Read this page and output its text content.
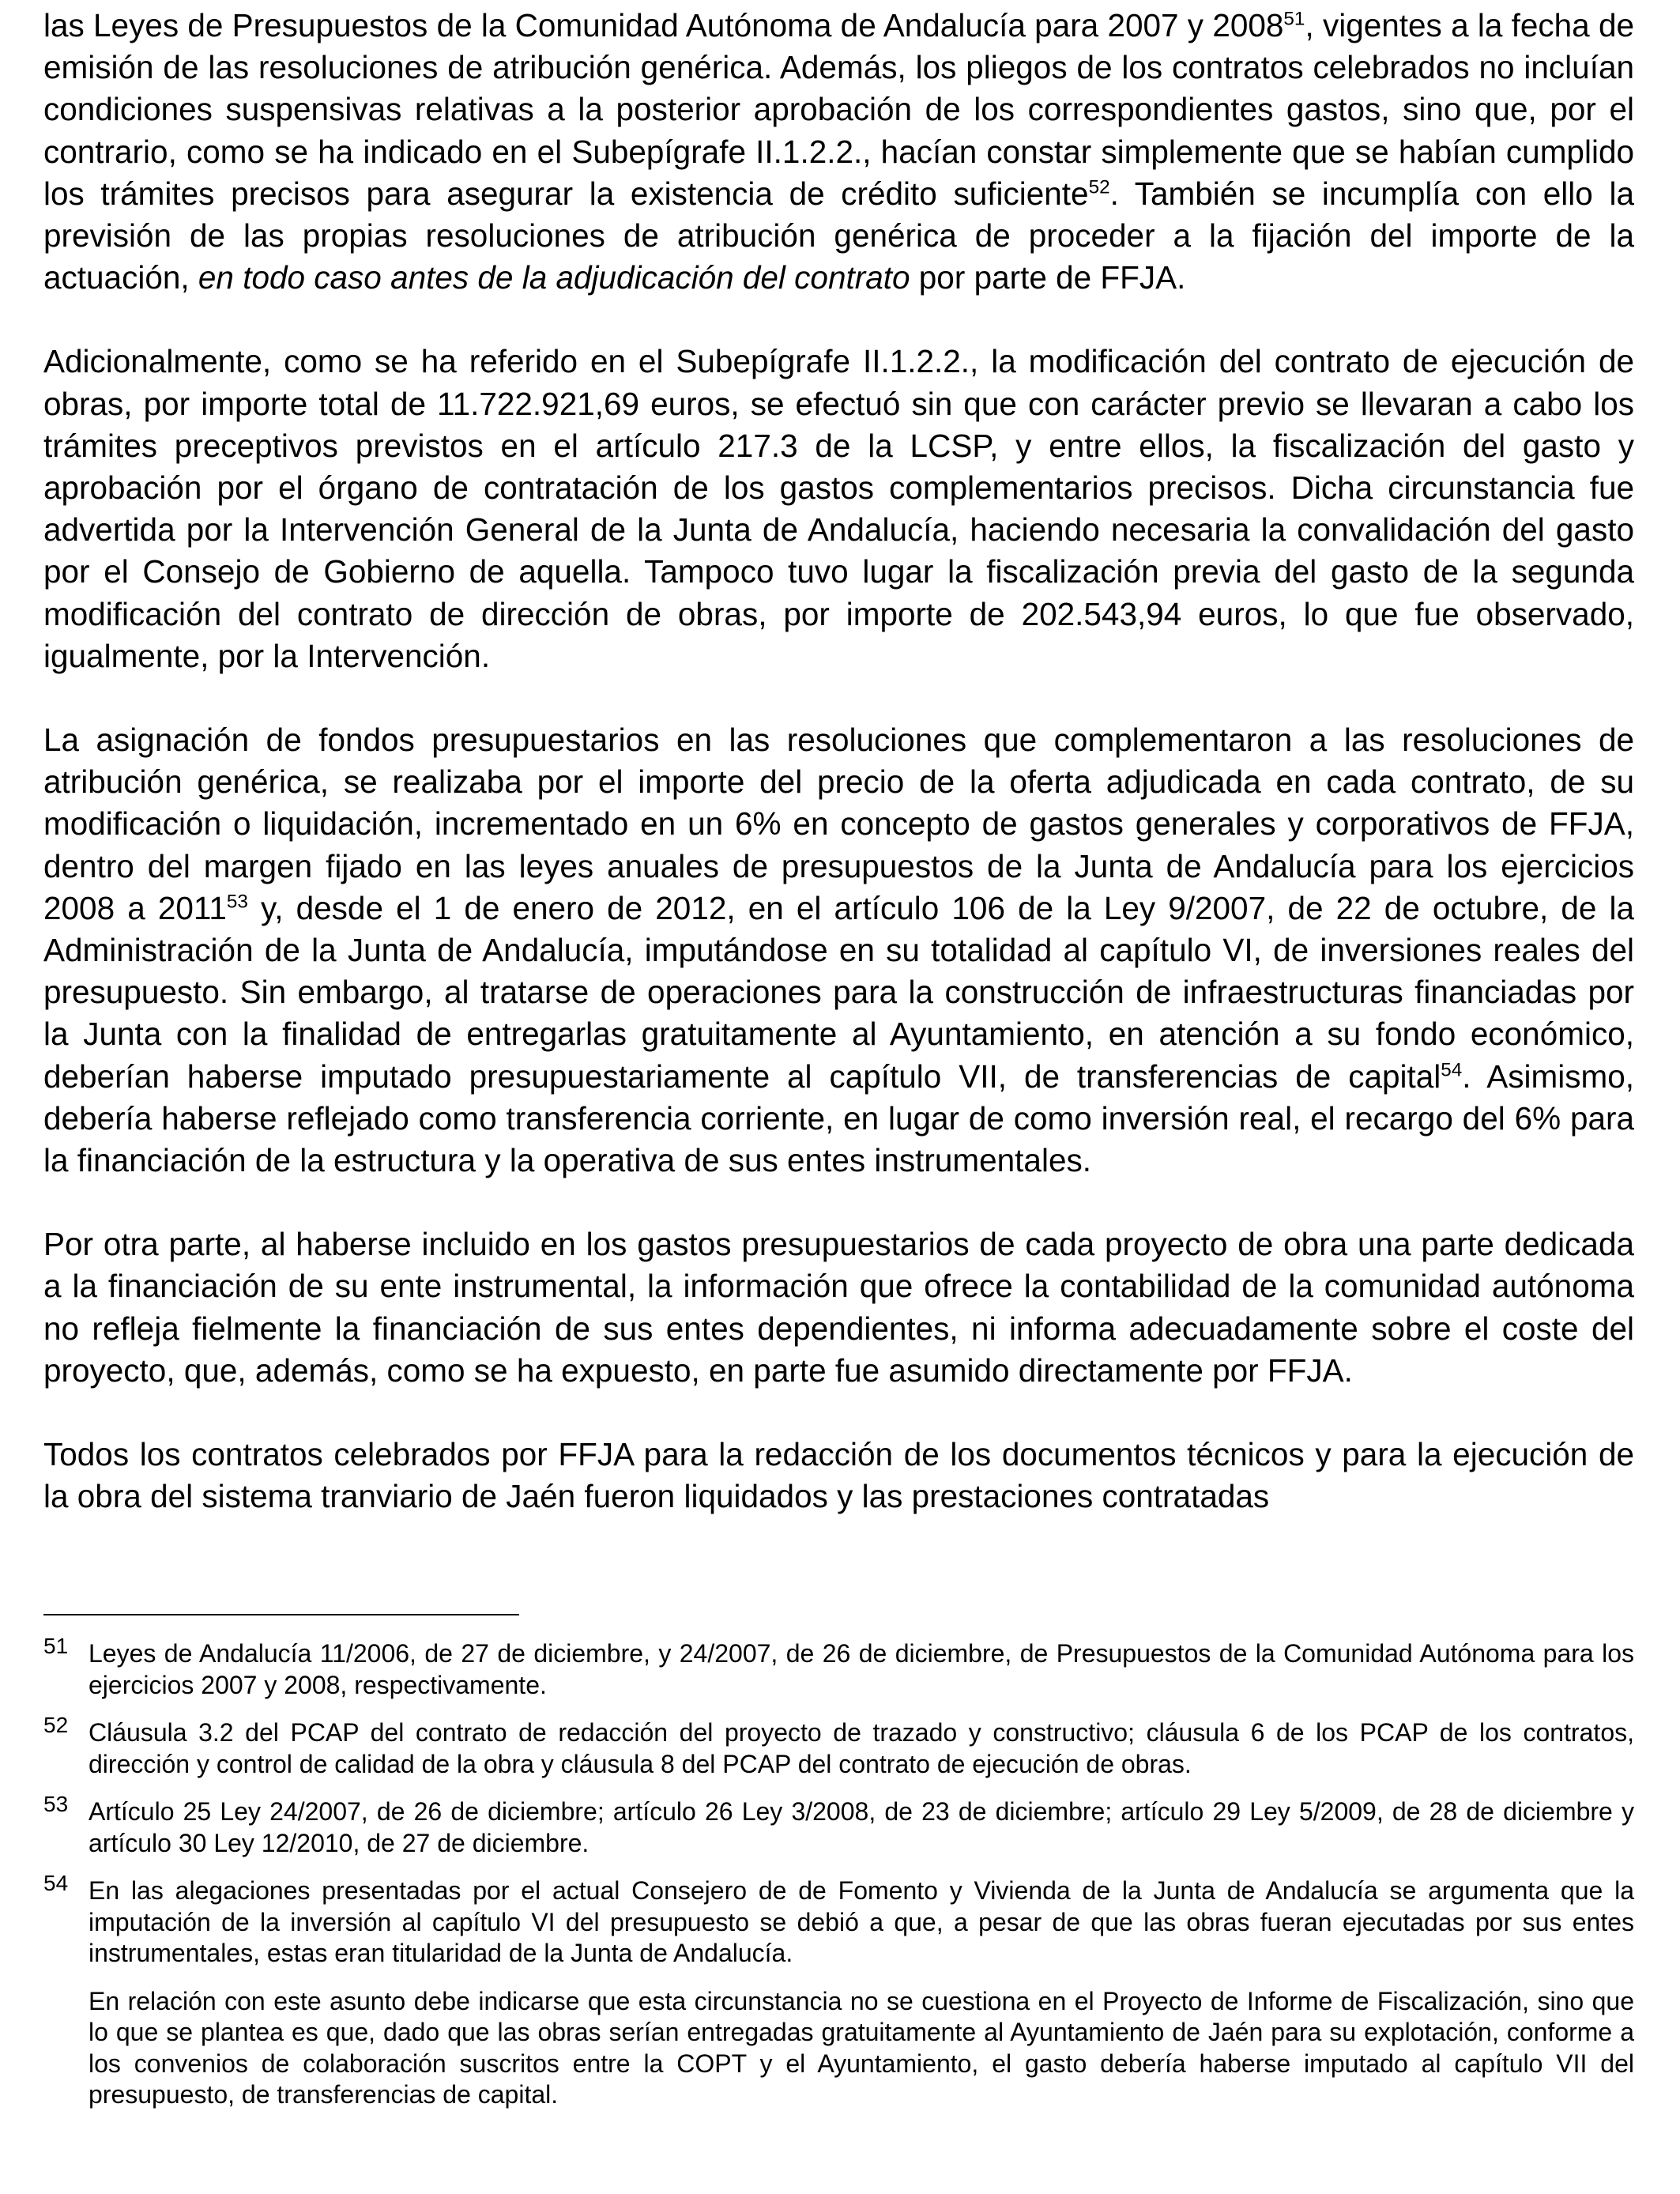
las Leyes de Presupuestos de la Comunidad Autónoma de Andalucía para 2007 y 2008$^{51}$, vigentes a la fecha de emisión de las resoluciones de atribución genérica. Además, los pliegos de los contratos celebrados no incluían condiciones suspensivas relativas a la posterior aprobación de los correspondientes gastos, sino que, por el contrario, como se ha indicado en el Subepígrafe II.1.2.2., hacían constar simplemente que se habían cumplido los trámites precisos para asegurar la existencia de crédito suficiente$^{52}$. También se incumplía con ello la previsión de las propias resoluciones de atribución genérica de proceder a la fijación del importe de la actuación, en todo caso antes de la adjudicación del contrato por parte de FFJA.

Adicionalmente, como se ha referido en el Subepígrafe II.1.2.2., la modificación del contrato de ejecución de obras, por importe total de 11.722.921,69 euros, se efectuó sin que con carácter previo se llevaran a cabo los trámites preceptivos previstos en el artículo 217.3 de la LCSP, y entre ellos, la fiscalización del gasto y aprobación por el órgano de contratación de los gastos complementarios precisos. Dicha circunstancia fue advertida por la Intervención General de la Junta de Andalucía, haciendo necesaria la convalidación del gasto por el Consejo de Gobierno de aquella. Tampoco tuvo lugar la fiscalización previa del gasto de la segunda modificación del contrato de dirección de obras, por importe de 202.543,94 euros, lo que fue observado, igualmente, por la Intervención.

La asignación de fondos presupuestarios en las resoluciones que complementaron a las resoluciones de atribución genérica, se realizaba por el importe del precio de la oferta adjudicada en cada contrato, de su modificación o liquidación, incrementado en un 6% en concepto de gastos generales y corporativos de FFJA, dentro del margen fijado en las leyes anuales de presupuestos de la Junta de Andalucía para los ejercicios 2008 a 2011$^{53}$ y, desde el 1 de enero de 2012, en el artículo 106 de la Ley 9/2007, de 22 de octubre, de la Administración de la Junta de Andalucía, imputándose en su totalidad al capítulo VI, de inversiones reales del presupuesto. Sin embargo, al tratarse de operaciones para la construcción de infraestructuras financiadas por la Junta con la finalidad de entregarlas gratuitamente al Ayuntamiento, en atención a su fondo económico, deberían haberse imputado presupuestariamente al capítulo VII, de transferencias de capital$^{54}$. Asimismo, debería haberse reflejado como transferencia corriente, en lugar de como inversión real, el recargo del 6% para la financiación de la estructura y la operativa de sus entes instrumentales.

Por otra parte, al haberse incluido en los gastos presupuestarios de cada proyecto de obra una parte dedicada a la financiación de su ente instrumental, la información que ofrece la contabilidad de la comunidad autónoma no refleja fielmente la financiación de sus entes dependientes, ni informa adecuadamente sobre el coste del proyecto, que, además, como se ha expuesto, en parte fue asumido directamente por FFJA.

Todos los contratos celebrados por FFJA para la redacción de los documentos técnicos y para la ejecución de la obra del sistema tranviario de Jaén fueron liquidados y las prestaciones contratadas

51 Leyes de Andalucía 11/2006, de 27 de diciembre, y 24/2007, de 26 de diciembre, de Presupuestos de la Comunidad Autónoma para los ejercicios 2007 y 2008, respectivamente.

52 Cláusula 3.2 del PCAP del contrato de redacción del proyecto de trazado y constructivo; cláusula 6 de los PCAP de los contratos, dirección y control de calidad de la obra y cláusula 8 del PCAP del contrato de ejecución de obras.

53 Artículo 25 Ley 24/2007, de 26 de diciembre; artículo 26 Ley 3/2008, de 23 de diciembre; artículo 29 Ley 5/2009, de 28 de diciembre y artículo 30 Ley 12/2010, de 27 de diciembre.

54 En las alegaciones presentadas por el actual Consejero de de Fomento y Vivienda de la Junta de Andalucía se argumenta que la imputación de la inversión al capítulo VI del presupuesto se debió a que, a pesar de que las obras fueran ejecutadas por sus entes instrumentales, estas eran titularidad de la Junta de Andalucía.

En relación con este asunto debe indicarse que esta circunstancia no se cuestiona en el Proyecto de Informe de Fiscalización, sino que lo que se plantea es que, dado que las obras serían entregadas gratuitamente al Ayuntamiento de Jaén para su explotación, conforme a los convenios de colaboración suscritos entre la COPT y el Ayuntamiento, el gasto debería haberse imputado al capítulo VII del presupuesto, de transferencias de capital.
